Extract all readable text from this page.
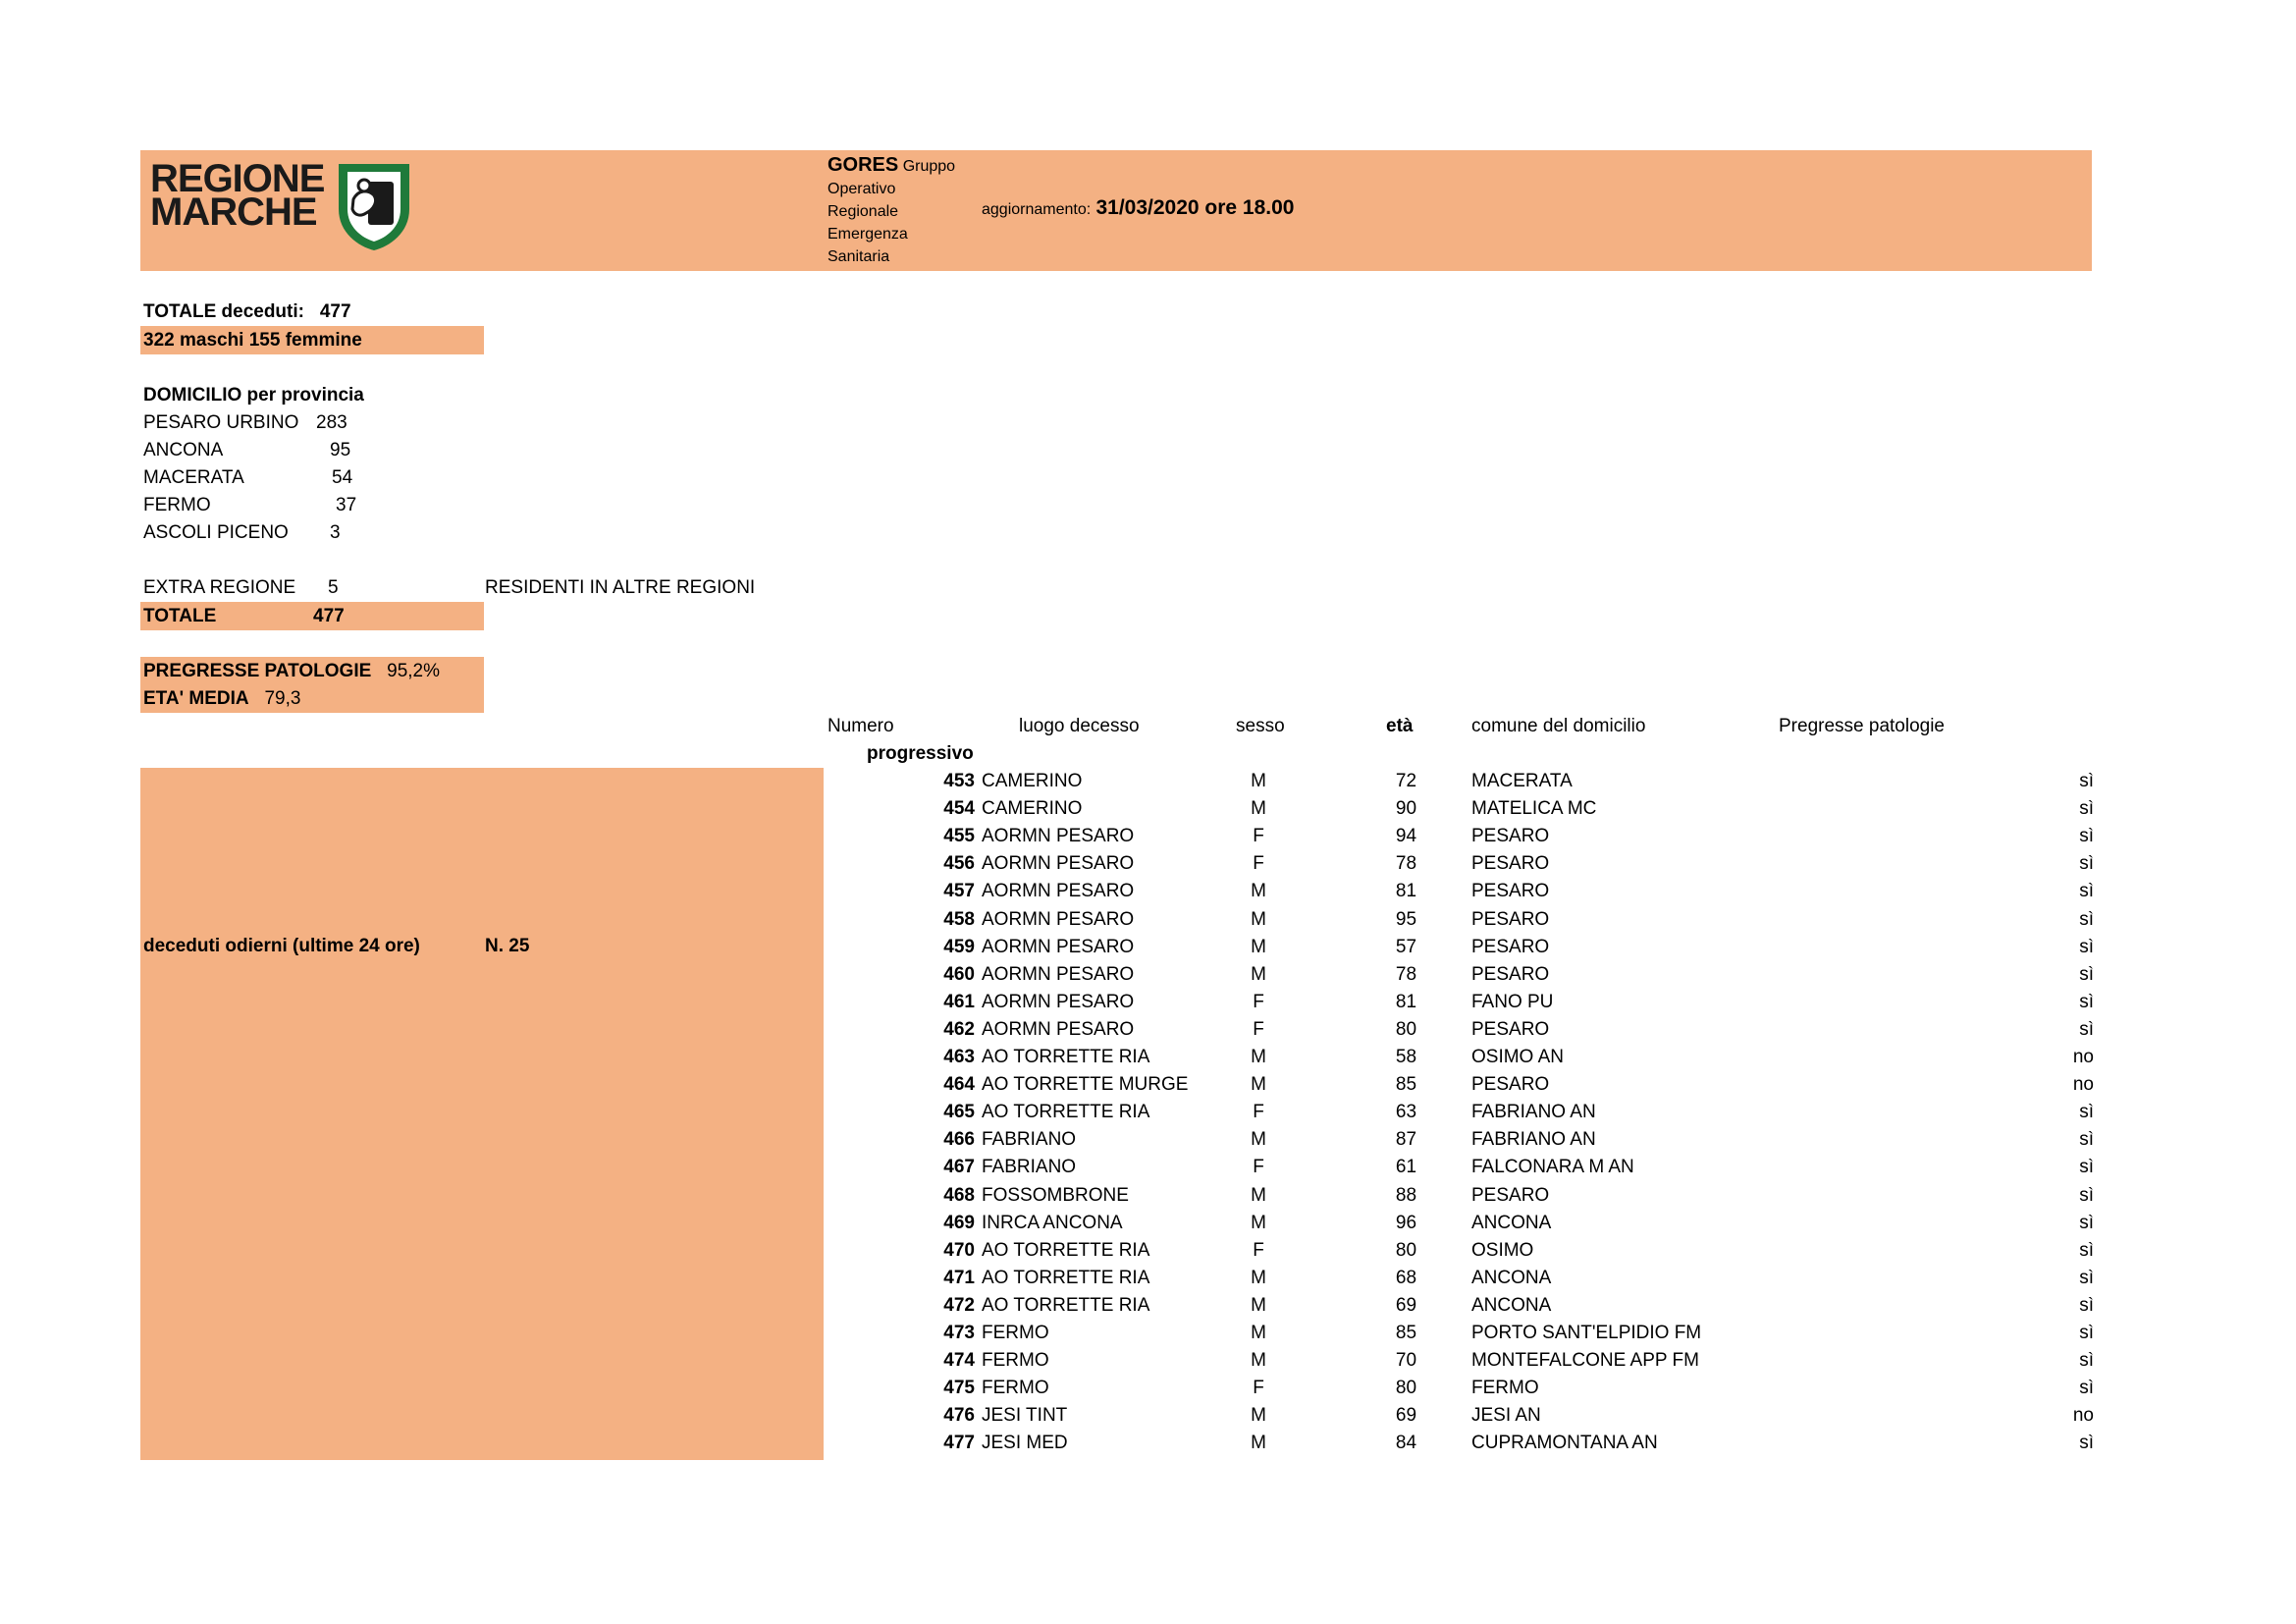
REGIONE
MARCHE
GORES Gruppo
Operativo
Regionale
Emergenza
Sanitaria
aggiornamento: 31/03/2020 ore 18.00
TOTALE deceduti: 477
322 maschi 155 femmine
DOMICILIO per provincia
PESARO URBINO 283
ANCONA	95
MACERATA	54
FERMO	37
ASCOLI PICENO 3
EXTRA REGIONE 5	RESIDENTI IN ALTRE REGIONI
TOTALE	477
PREGRESSE PATOLOGIE 95,2%
ETA' MEDIA 79,3
deceduti odierni (ultime 24 ore)	N. 25
Numero
progressivo
luogo decesso	sesso	età	comune del domicilio	Pregresse patologie
453 CAMERINO	M	72	MACERATA	sì
454 CAMERINO	M	90	MATELICA MC	sì
455 AORMN PESARO	F	94	PESARO	sì
456 AORMN PESARO	F	78	PESARO	sì
457 AORMN PESARO	M	81	PESARO	sì
458 AORMN PESARO	M	95	PESARO	sì
459 AORMN PESARO	M	57	PESARO	sì
460 AORMN PESARO	M	78	PESARO	sì
461 AORMN PESARO	F	81	FANO PU	sì
462 AORMN PESARO	F	80	PESARO	sì
463 AO TORRETTE RIA	M	58	OSIMO AN	no
464 AO TORRETTE MURGE	M	85	PESARO	no
465 AO TORRETTE RIA	F	63	FABRIANO AN	sì
466 FABRIANO	M	87	FABRIANO AN	sì
467 FABRIANO	F	61	FALCONARA M AN	sì
468 FOSSOMBRONE	M	88	PESARO	sì
469 INRCA ANCONA	M	96	ANCONA	sì
470 AO TORRETTE RIA	F	80	OSIMO	sì
471 AO TORRETTE RIA	M	68	ANCONA	sì
472 AO TORRETTE RIA	M	69	ANCONA	sì
473 FERMO	M	85	PORTO SANT'ELPIDIO FM	sì
474 FERMO	M	70	MONTEFALCONE APP FM	sì
475 FERMO	F	80	FERMO	sì
476 JESI TINT	M	69	JESI AN	no
477 JESI MED	M	84	CUPRAMONTANA AN	sì
